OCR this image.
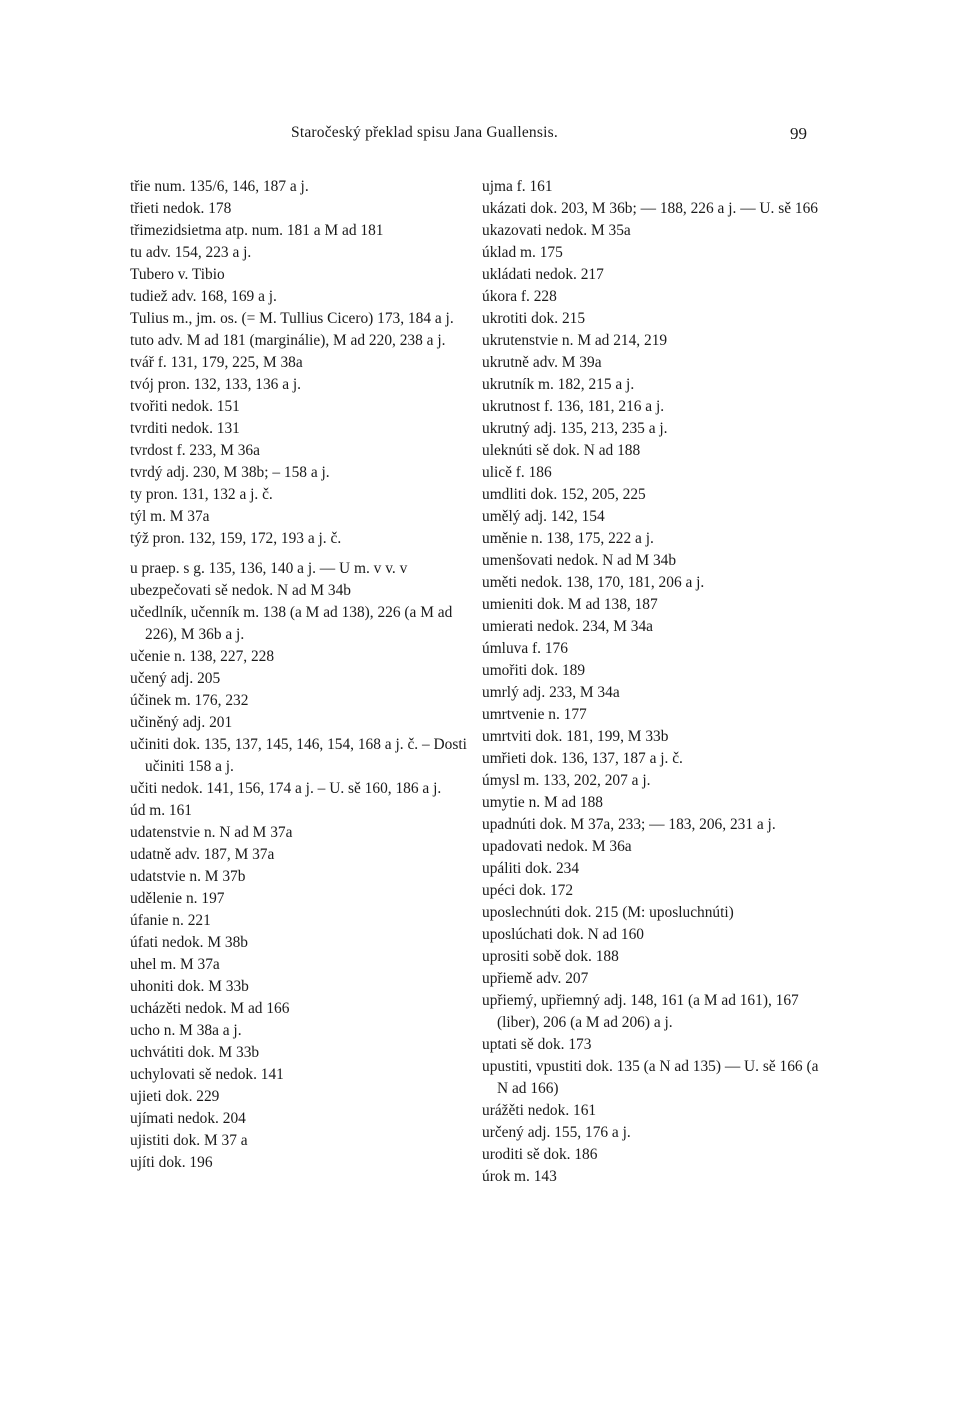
Staročeský překlad spisu Jana Guallensis.	99
třie num. 135/6, 146, 187 a j.
třieti nedok. 178
třimezidsietma atp. num. 181 a M ad 181
tu adv. 154, 223 a j.
Tubero v. Tibio
tudiež adv. 168, 169 a j.
Tulius m., jm. os. (= M. Tullius Cicero) 173, 184 a j.
tuto adv. M ad 181 (marginálie), M ad 220, 238 a j.
tvář f. 131, 179, 225, M 38a
tvój pron. 132, 133, 136 a j.
tvořiti nedok. 151
tvrditi nedok. 131
tvrdost f. 233, M 36a
tvrdý adj. 230, M 38b; – 158 a j.
ty pron. 131, 132 a j. č.
týl m. M 37a
týž pron. 132, 159, 172, 193 a j. č.
u praep. s g. 135, 136, 140 a j. — U m. v v. v
ubezpečovati sě nedok. N ad M 34b
učedlník, učenník m. 138 (a M ad 138), 226 (a M ad 226), M 36b a j.
učenie n. 138, 227, 228
učený adj. 205
účinek m. 176, 232
učiněný adj. 201
učiniti dok. 135, 137, 145, 146, 154, 168 a j. č. – Dosti učiniti 158 a j.
učiti nedok. 141, 156, 174 a j. – U. sě 160, 186 a j.
úd m. 161
udatenstvie n. N ad M 37a
udatně adv. 187, M 37a
udatstvie n. M 37b
udělenie n. 197
úfanie n. 221
úfati nedok. M 38b
uhel m. M 37a
uhoniti dok. M 33b
ucházěti nedok. M ad 166
ucho n. M 38a a j.
uchvátiti dok. M 33b
uchylovati sě nedok. 141
ujieti dok. 229
ujímati nedok. 204
ujistiti dok. M 37 a
ujíti dok. 196
ujma f. 161
ukázati dok. 203, M 36b; — 188, 226 a j. — U. sě 166
ukazovati nedok. M 35a
úklad m. 175
ukládati nedok. 217
úkora f. 228
ukrotiti dok. 215
ukrutenstvie n. M ad 214, 219
ukrutně adv. M 39a
ukrutník m. 182, 215 a j.
ukrutnost f. 136, 181, 216 a j.
ukrutný adj. 135, 213, 235 a j.
uleknúti sě dok. N ad 188
ulicě f. 186
umdliti dok. 152, 205, 225
umělý adj. 142, 154
uměnie n. 138, 175, 222 a j.
umenšovati nedok. N ad M 34b
uměti nedok. 138, 170, 181, 206 a j.
umieniti dok. M ad 138, 187
umierati nedok. 234, M 34a
úmluva f. 176
umořiti dok. 189
umrlý adj. 233, M 34a
umrtvenie n. 177
umrtviti dok. 181, 199, M 33b
umřieti dok. 136, 137, 187 a j. č.
úmysl m. 133, 202, 207 a j.
umytie n. M ad 188
upadnúti dok. M 37a, 233; — 183, 206, 231 a j.
upadovati nedok. M 36a
upáliti dok. 234
upéci dok. 172
uposlechnúti dok. 215 (M: uposluchnúti)
uposlúchati dok. N ad 160
uprositi sobě dok. 188
upřiemě adv. 207
upřiemý, upřiemný adj. 148, 161 (a M ad 161), 167 (liber), 206 (a M ad 206) a j.
uptati sě dok. 173
upustiti, vpustiti dok. 135 (a N ad 135) — U. sě 166 (a N ad 166)
urážěti nedok. 161
určený adj. 155, 176 a j.
uroditi sě dok. 186
úrok m. 143
